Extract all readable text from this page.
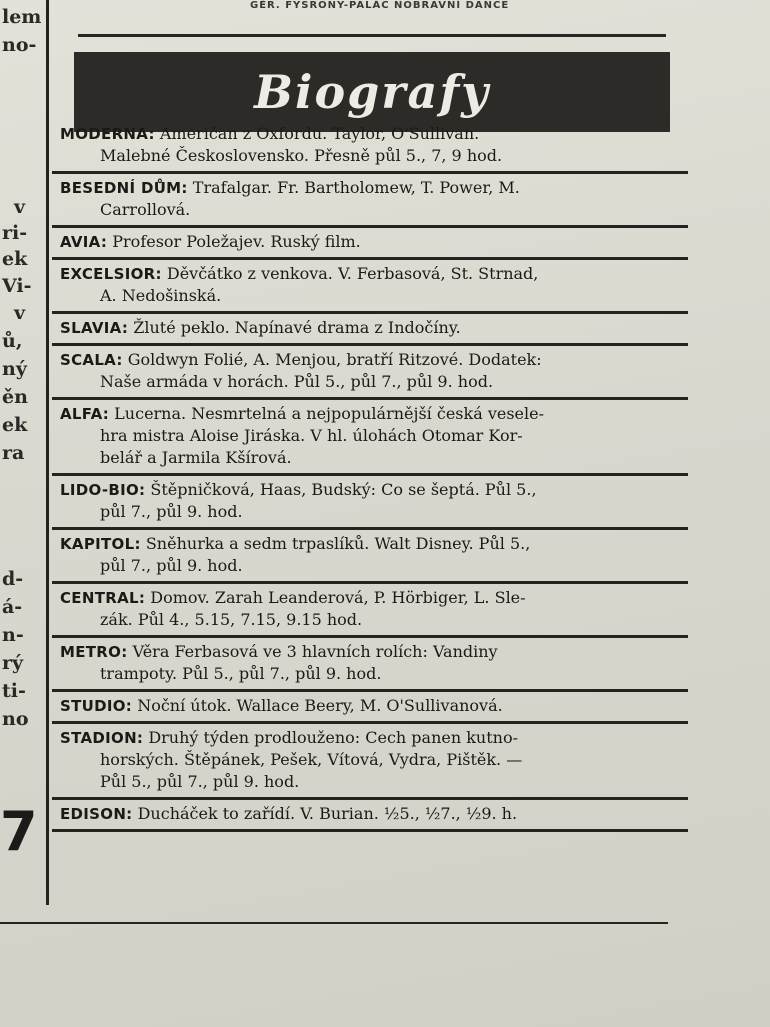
GĚR. FYSRONY-PALÁC NOBRAVNÍ DANCE
lem
no-
v
ri-
ek
Vi-
v
ů,
ný
ěn
ek
ra
d-
á-
n-
rý
ti-
no
7
Biografy
MODERNA: Američan z Oxfordu. Taylor, O'Sullivan.
Malebné Československo. Přesně půl 5., 7, 9 hod.
BESEDNÍ DŮM: Trafalgar. Fr. Bartholomew, T. Power, M.
Carrollová.
AVIA: Profesor Poležajev. Ruský film.
EXCELSIOR: Děvčátko z venkova. V. Ferbasová, St. Strnad,
A. Nedošinská.
SLAVIA: Žluté peklo. Napínavé drama z Indočíny.
SCALA: Goldwyn Folié, A. Menjou, bratří Ritzové. Dodatek:
Naše armáda v horách. Půl 5., půl 7., půl 9. hod.
ALFA: Lucerna. Nesmrtelná a nejpopulárnější česká vesele-
hra mistra Aloise Jiráska. V hl. úlohách Otomar Kor-
belář a Jarmila Kšírová.
LIDO-BIO: Štěpničková, Haas, Budský: Co se šeptá. Půl 5.,
půl 7., půl 9. hod.
KAPITOL: Sněhurka a sedm trpaslíků. Walt Disney. Půl 5.,
půl 7., půl 9. hod.
CENTRAL: Domov. Zarah Leanderová, P. Hörbiger, L. Sle-
zák. Půl 4., 5.15, 7.15, 9.15 hod.
METRO: Věra Ferbasová ve 3 hlavních rolích: Vandiny
trampoty. Půl 5., půl 7., půl 9. hod.
STUDIO: Noční útok. Wallace Beery, M. O'Sullivanová.
STADION: Druhý týden prodlouženo: Cech panen kutno-
horských. Štěpánek, Pešek, Vítová, Vydra, Pištěk. —
Půl 5., půl 7., půl 9. hod.
EDISON: Ducháček to zařídí. V. Burian. ½5., ½7., ½9. h.
